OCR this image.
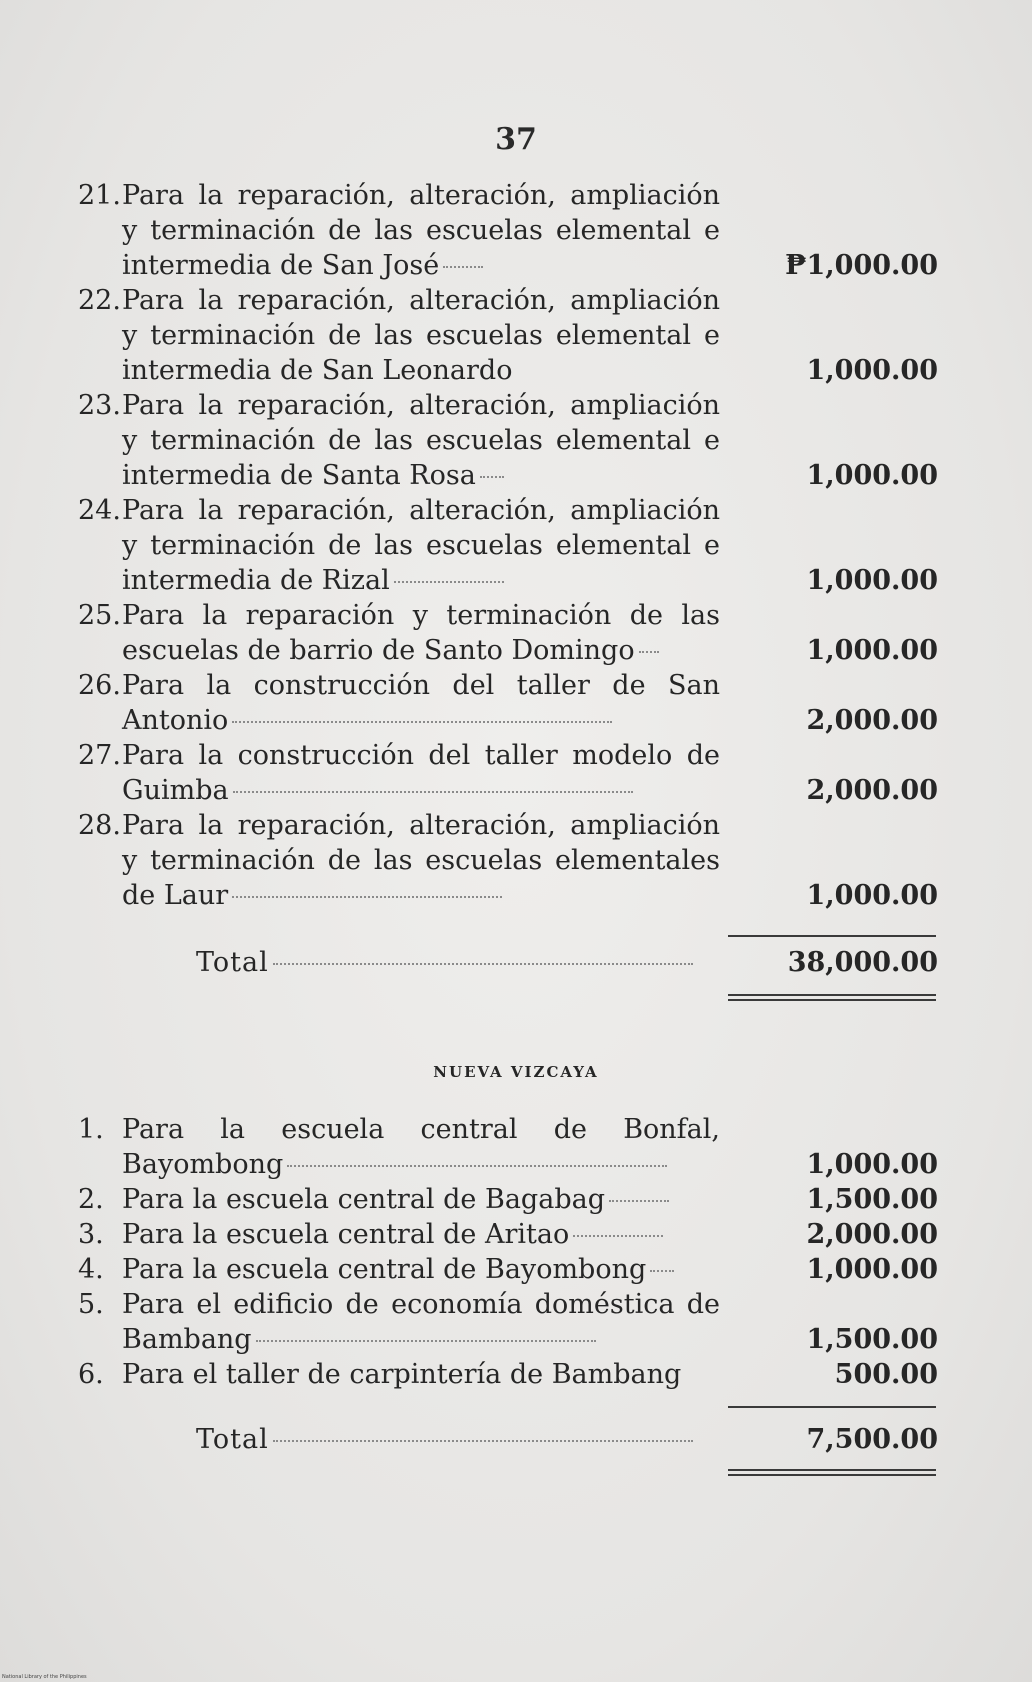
37
21. Para la reparación, alteración, ampliación y terminación de las escuelas elemental e intermedia de San José	₱1,000.00
22. Para la reparación, alteración, ampliación y terminación de las escuelas elemental e intermedia de San Leonardo	1,000.00
23. Para la reparación, alteración, ampliación y terminación de las escuelas elemental e intermedia de Santa Rosa	1,000.00
24. Para la reparación, alteración, ampliación y terminación de las escuelas elemental e intermedia de Rizal	1,000.00
25. Para la reparación y terminación de las escuelas de barrio de Santo Domingo	1,000.00
26. Para la construcción del taller de San Antonio	2,000.00
27. Para la construcción del taller modelo de Guimba	2,000.00
28. Para la reparación, alteración, ampliación y terminación de las escuelas elementales de Laur	1,000.00
Total	38,000.00
NUEVA VIZCAYA
1. Para la escuela central de Bonfal, Bayombong	1,000.00
2. Para la escuela central de Bagabag	1,500.00
3. Para la escuela central de Aritao	2,000.00
4. Para la escuela central de Bayombong	1,000.00
5. Para el edificio de economía doméstica de Bambang	1,500.00
6. Para el taller de carpintería de Bambang	500.00
Total	7,500.00
National Library of the Philippines
